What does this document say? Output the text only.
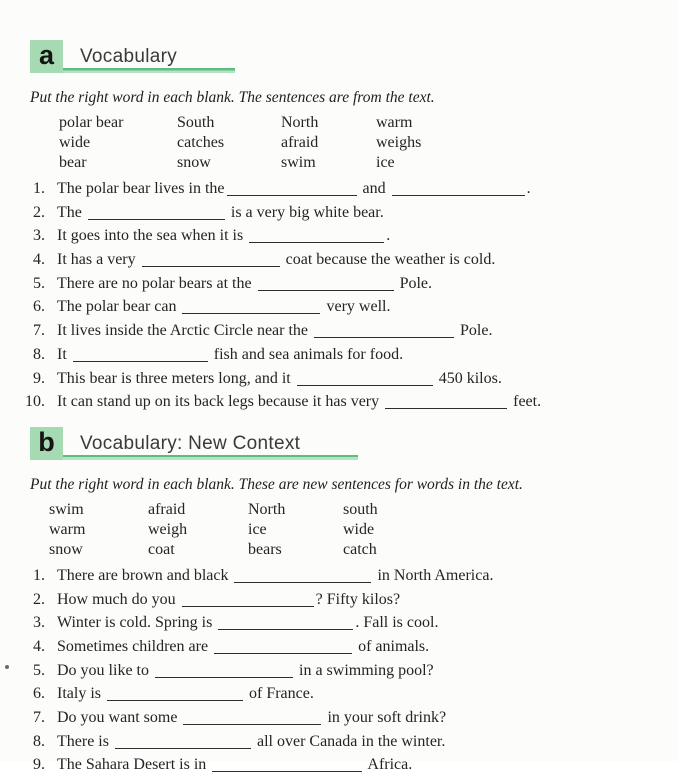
a Vocabulary

Put the right word in each blank. The sentences are from the text.

polar bear	South	North	warm
wide	catches	afraid	weighs
bear	snow	swim	ice
1. The polar bear lives in the	and	.
2. The	is a very big white bear.
3. It goes into the sea when it is	.
4. It has a very	coat because the weather is cold.
5. There are no polar bears at the	Pole.
6. The polar bear can	very well.
7. It lives inside the Arctic Circle near the	Pole.
8. It	fish and sea animals for food.
9. This bear is three meters long, and it	450 kilos.
10. It can stand up on its back legs because it has very	feet.
b Vocabulary: New Context

Put the right word in each blank. These are new sentences for words in the text.

swim	afraid	North	south
warm	weigh	ice	wide
snow	coat	bears	catch
1. There are brown and black	in North America.
2. How much do you	? Fifty kilos?
3. Winter is cold. Spring is	. Fall is cool.
4. Sometimes children are	of animals.
5. Do you like to	in a swimming pool?
6. Italy is	of France.
7. Do you want some	in your soft drink?
8. There is	all over Canada in the winter.
9. The Sahara Desert is in	Africa.
